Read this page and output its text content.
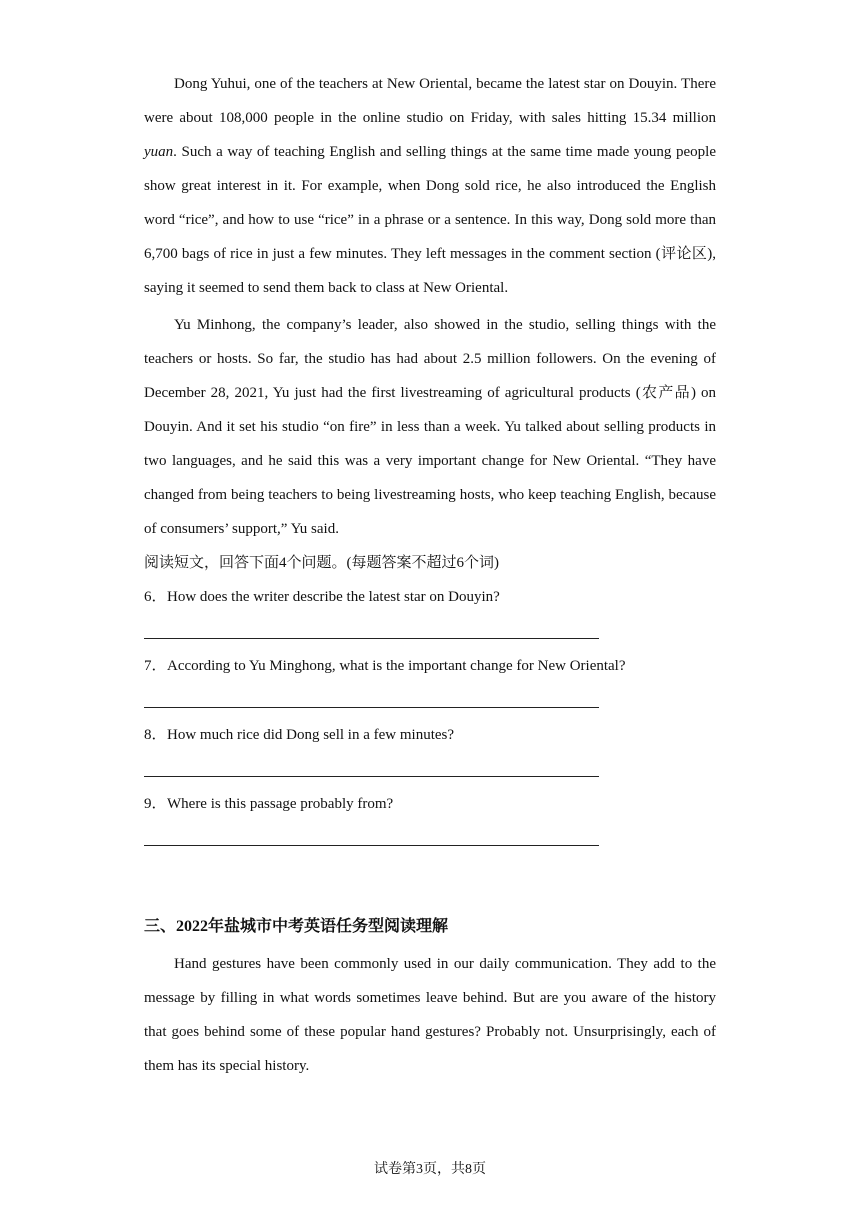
Dong Yuhui, one of the teachers at New Oriental, became the latest star on Douyin. There were about 108,000 people in the online studio on Friday, with sales hitting 15.34 million yuan. Such a way of teaching English and selling things at the same time made young people show great interest in it. For example, when Dong sold rice, he also introduced the English word “rice”, and how to use “rice” in a phrase or a sentence. In this way, Dong sold more than 6,700 bags of rice in just a few minutes. They left messages in the comment section (评论区), saying it seemed to send them back to class at New Oriental.

Yu Minhong, the company’s leader, also showed in the studio, selling things with the teachers or hosts. So far, the studio has had about 2.5 million followers. On the evening of December 28, 2021, Yu just had the first livestreaming of agricultural products (农产品) on Douyin. And it set his studio “on fire” in less than a week. Yu talked about selling products in two languages, and he said this was a very important change for New Oriental. “They have changed from being teachers to being livestreaming hosts, who keep teaching English, because of consumers’ support,” Yu said.

阅读短文，回答下面4个问题。(每题答案不超过6个词)

6．How does the writer describe the latest star on Douyin?

7．According to Yu Minghong, what is the important change for New Oriental?

8．How much rice did Dong sell in a few minutes?

9．Where is this passage probably from?

三、2022年盐城市中考英语任务型阅读理解

Hand gestures have been commonly used in our daily communication. They add to the message by filling in what words sometimes leave behind. But are you aware of the history that goes behind some of these popular hand gestures? Probably not. Unsurprisingly, each of them has its special history.

试卷第3页，共8页
